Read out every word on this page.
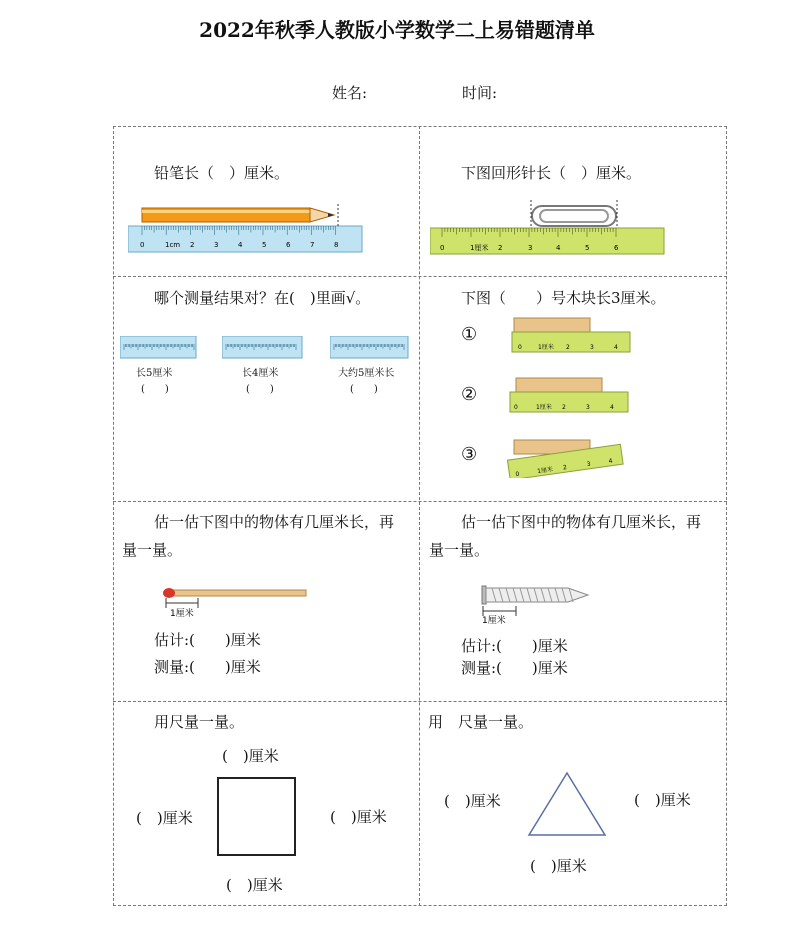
2022年秋季人教版小学数学二上易错题清单
姓名:	时间:
铅笔长（　）厘米。
0	1cm 2	3	4	5	6	7	8
下图回形针长（　）厘米。
0	1厘米 2	3	4	5	6
哪个测量结果对？在(　)里画√。
长5厘米
(　　)
长4厘米
(　　)
大约5厘米长
(　　)
下图（　　）号木块长3厘米。
①
②
③
0	1厘米 2	3	4
0	1厘米 2	3	4
0	1厘米 2	3	4
估一估下图中的物体有几厘米长，再
量一量。
1厘米
估计:(　　)厘米
测量:(　　)厘米
估一估下图中的物体有几厘米长，再
量一量。
1厘米
估计:(　　)厘米
测量:(　　)厘米
用尺量一量。
(　)厘米
(　)厘米	(　)厘米
(　)厘米
用　尺量一量。
(　)厘米	(　)厘米
(　)厘米
